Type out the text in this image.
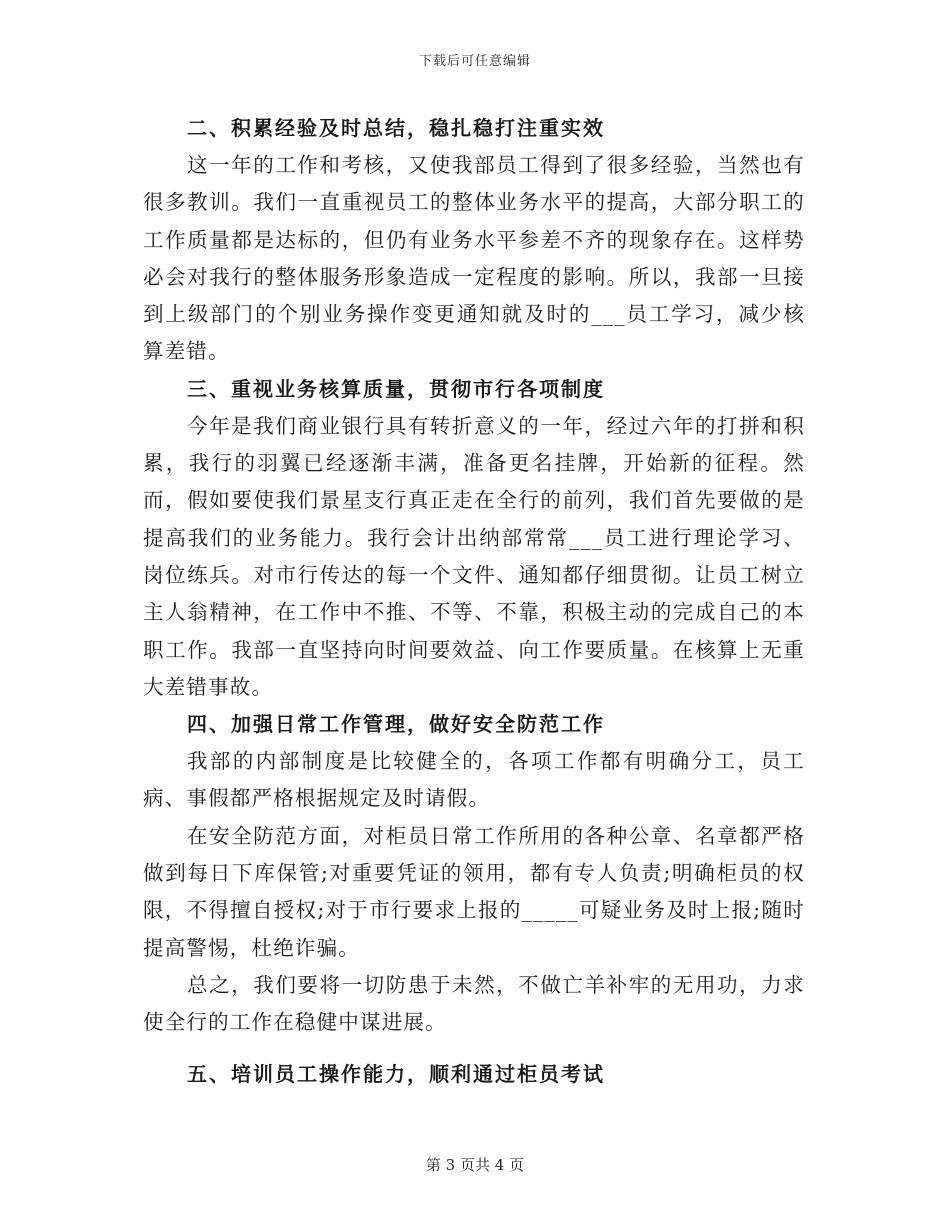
下载后可任意编辑

二、积累经验及时总结，稳扎稳打注重实效

这一年的工作和考核，又使我部员工得到了很多经验，当然也有很多教训。我们一直重视员工的整体业务水平的提高，大部分职工的工作质量都是达标的，但仍有业务水平参差不齐的现象存在。这样势必会对我行的整体服务形象造成一定程度的影响。所以，我部一旦接到上级部门的个别业务操作变更通知就及时的___员工学习，减少核算差错。

三、重视业务核算质量，贯彻市行各项制度

今年是我们商业银行具有转折意义的一年，经过六年的打拼和积累，我行的羽翼已经逐渐丰满，准备更名挂牌，开始新的征程。然而，假如要使我们景星支行真正走在全行的前列，我们首先要做的是提高我们的业务能力。我行会计出纳部常常___员工进行理论学习、岗位练兵。对市行传达的每一个文件、通知都仔细贯彻。让员工树立主人翁精神，在工作中不推、不等、不靠，积极主动的完成自己的本职工作。我部一直坚持向时间要效益、向工作要质量。在核算上无重大差错事故。

四、加强日常工作管理，做好安全防范工作

我部的内部制度是比较健全的，各项工作都有明确分工，员工病、事假都严格根据规定及时请假。

在安全防范方面，对柜员日常工作所用的各种公章、名章都严格做到每日下库保管;对重要凭证的领用，都有专人负责;明确柜员的权限，不得擅自授权;对于市行要求上报的_____可疑业务及时上报;随时提高警惕，杜绝诈骗。

总之，我们要将一切防患于未然，不做亡羊补牢的无用功，力求使全行的工作在稳健中谋进展。

五、培训员工操作能力，顺利通过柜员考试

第 3 页共 4 页
